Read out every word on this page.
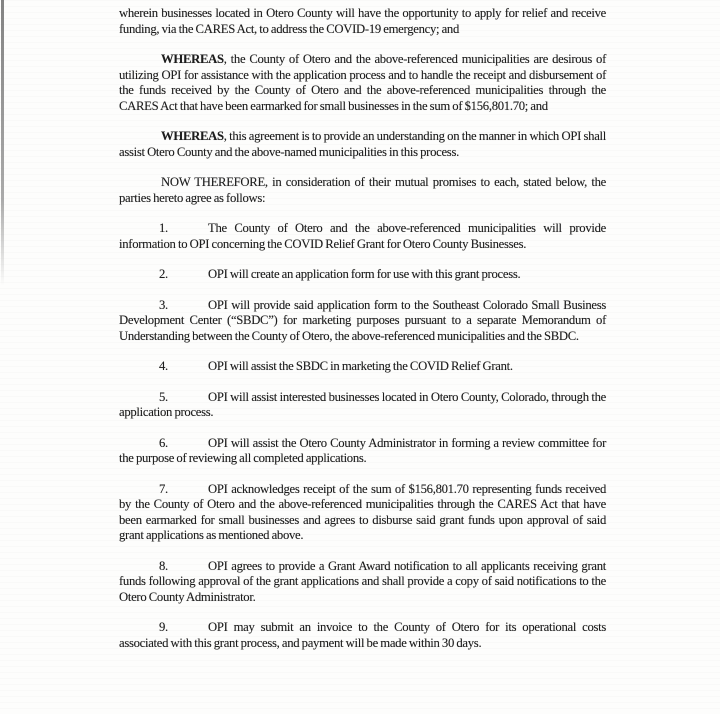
wherein businesses located in Otero County will have the opportunity to apply for relief and receive funding, via the CARES Act, to address the COVID-19 emergency; and

WHEREAS, the County of Otero and the above-referenced municipalities are desirous of utilizing OPI for assistance with the application process and to handle the receipt and disbursement of the funds received by the County of Otero and the above-referenced municipalities through the CARES Act that have been earmarked for small businesses in the sum of $156,801.70; and

WHEREAS, this agreement is to provide an understanding on the manner in which OPI shall assist Otero County and the above-named municipalities in this process.

NOW THEREFORE, in consideration of their mutual promises to each, stated below, the parties hereto agree as follows:

1.	The County of Otero and the above-referenced municipalities will provide information to OPI concerning the COVID Relief Grant for Otero County Businesses.

2.	OPI will create an application form for use with this grant process.

3.	OPI will provide said application form to the Southeast Colorado Small Business Development Center (“SBDC”) for marketing purposes pursuant to a separate Memorandum of Understanding between the County of Otero, the above-referenced municipalities and the SBDC.

4.	OPI will assist the SBDC in marketing the COVID Relief Grant.

5.	OPI will assist interested businesses located in Otero County, Colorado, through the application process.

6.	OPI will assist the Otero County Administrator in forming a review committee for the purpose of reviewing all completed applications.

7.	OPI acknowledges receipt of the sum of $156,801.70 representing funds received by the County of Otero and the above-referenced municipalities through the CARES Act that have been earmarked for small businesses and agrees to disburse said grant funds upon approval of said grant applications as mentioned above.

8.	OPI agrees to provide a Grant Award notification to all applicants receiving grant funds following approval of the grant applications and shall provide a copy of said notifications to the Otero County Administrator.

9.	OPI may submit an invoice to the County of Otero for its operational costs associated with this grant process, and payment will be made within 30 days.
